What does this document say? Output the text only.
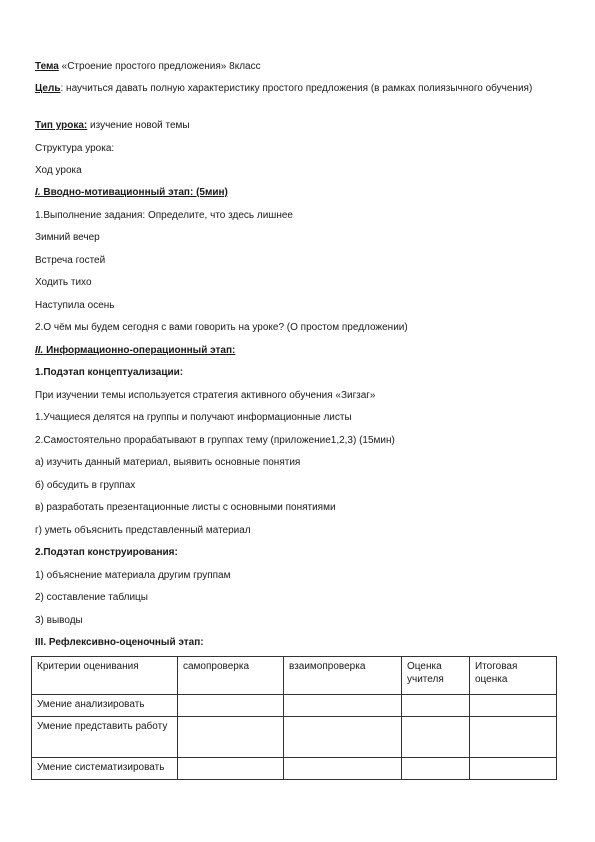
Тема «Строение простого предложения» 8класс
Цель: научиться давать полную характеристику простого предложения (в рамках полиязычного обучения)
Тип урока: изучение новой темы
Структура урока:
Ход урока
I. Вводно-мотивационный этап: (5мин)
1.Выполнение задания: Определите, что здесь лишнее
Зимний вечер
Встреча гостей
Ходить тихо
Наступила осень
2.О чём мы будем сегодня с вами говорить на уроке? (О простом предложении)
II. Информационно-операционный этап:
1.Подэтап концептуализации:
При изучении темы используется стратегия активного обучения «Зигзаг»
1.Учащиеся делятся на группы и получают информационные листы
2.Самостоятельно прорабатывают в группах тему (приложение1,2,3) (15мин)
а) изучить данный материал, выявить основные понятия
б) обсудить в группах
в) разработать презентационные листы с основными понятиями
г) уметь объяснить представленный материал
2.Подэтап конструирования:
1) объяснение материала другим группам
2) составление таблицы
3) выводы
III. Рефлексивно-оценочный этап:
Критерии оценивания	самопроверка	взаимопроверка	Оценка учителя	Итоговая оценка
Умение анализировать				
Умение представить работу				
Умение систематизировать				
